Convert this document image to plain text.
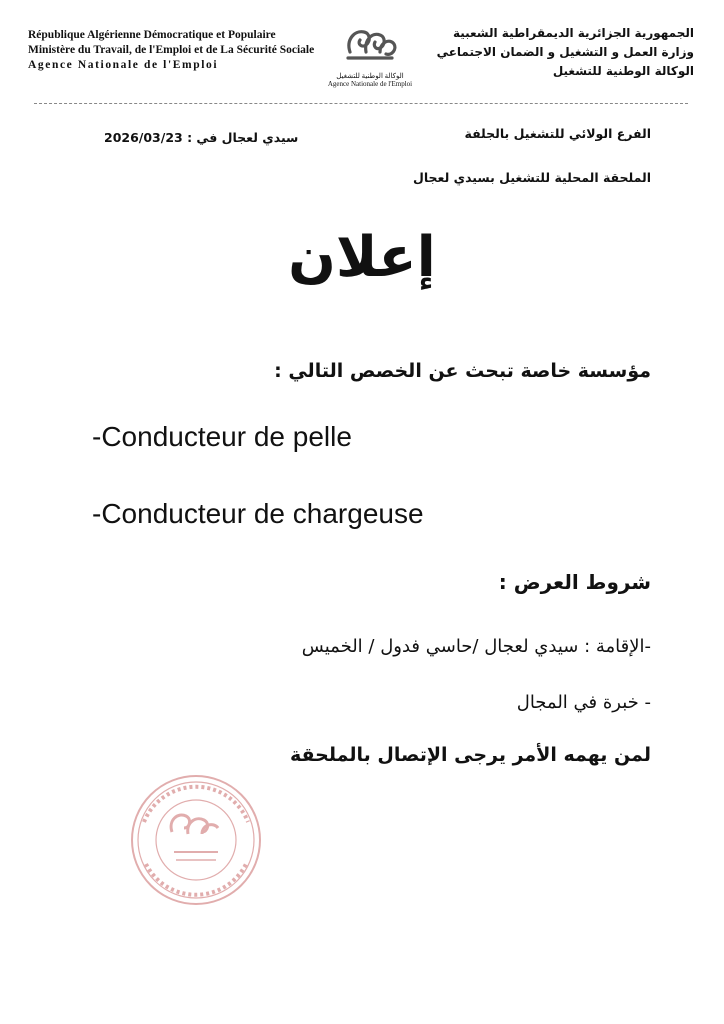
République Algérienne Démocratique et Populaire
Ministère du Travail, de l'Emploi et de La Sécurité Sociale
Agence Nationale de l'Emploi
الوكالة الوطنية للتشغيل
Agence Nationale de l'Emploi
الجمهورية الجزائرية الديمقراطية الشعبية
وزارة العمل و التشغيل و الضمان الاجتماعي
الوكالة الوطنية للتشغيل
الفرع الولائي للتشغيل بالجلفة
الملحقة المحلية للتشغيل بسيدي لعجال
2026/03/23 سيدي لعجال في :
إعلان
مؤسسة خاصة تبحث عن الخصص التالي :
-Conducteur de pelle
-Conducteur de chargeuse
شروط العرض :
-الإقامة : سيدي لعجال /حاسي فدول / الخميس
- خبرة في المجال
لمن يهمه الأمر يرجى الإتصال بالملحقة
